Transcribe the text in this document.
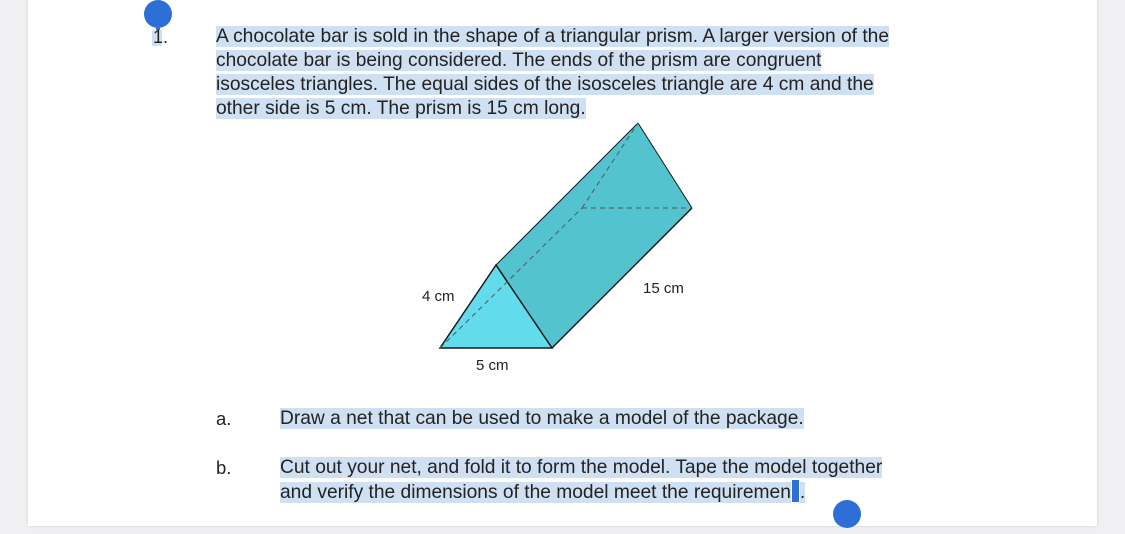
1. A chocolate bar is sold in the shape of a triangular prism. A larger version of the
chocolate bar is being considered. The ends of the prism are congruent
isosceles triangles. The equal sides of the isosceles triangle are 4 cm and the
other side is 5 cm. The prism is 15 cm long.
4 cm	15 cm
5 cm
a.	Draw a net that can be used to make a model of the package.
b.	Cut out your net, and fold it to form the model. Tape the model together
and verify the dimensions of the model meet the requiremen .
